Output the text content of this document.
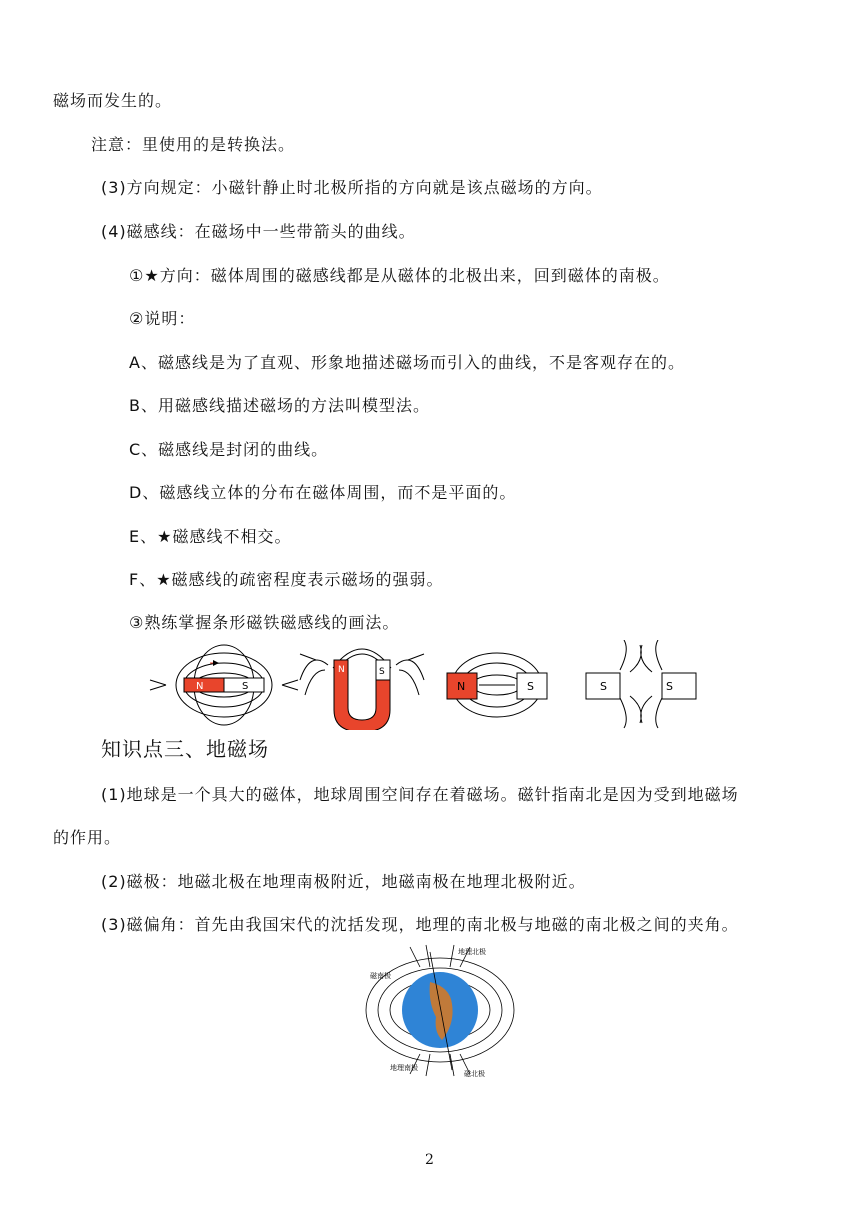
磁场而发生的。
注意：里使用的是转换法。
(3)方向规定：小磁针静止时北极所指的方向就是该点磁场的方向。
(4)磁感线：在磁场中一些带箭头的曲线。
①★方向：磁体周围的磁感线都是从磁体的北极出来，回到磁体的南极。
②说明：
A、磁感线是为了直观、形象地描述磁场而引入的曲线，不是客观存在的。
B、用磁感线描述磁场的方法叫模型法。
C、磁感线是封闭的曲线。
D、磁感线立体的分布在磁体周围，而不是平面的。
E、★磁感线不相交。
F、★磁感线的疏密程度表示磁场的强弱。
③熟练掌握条形磁铁磁感线的画法。
N	S
N	S
N	S	S	S
知识点三、地磁场
(1)地球是一个具大的磁体，地球周围空间存在着磁场。磁针指南北是因为受到地磁场
的作用。
(2)磁极：地磁北极在地理南极附近，地磁南极在地理北极附近。
(3)磁偏角：首先由我国宋代的沈括发现，地理的南北极与地磁的南北极之间的夹角。
地理北极
磁南极
地理南极
磁北极
2
